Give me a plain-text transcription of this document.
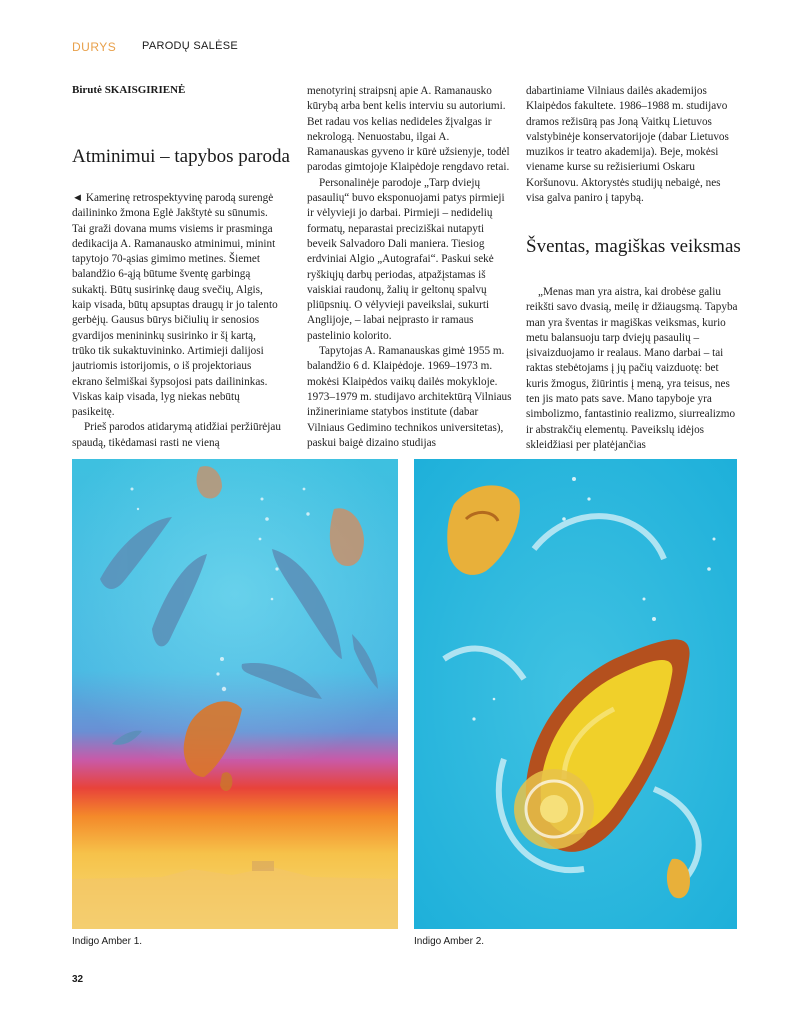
DURYS PARODŲ SALĖSE
Birutė SKAISGIRIENĖ
Atminimui – tapybos paroda

◄ Kamerinę retrospektyvinę parodą surengė dailininko žmona Eglė Jakštytė su sūnumis. Tai graži dovana mums visiems ir prasminga dedikacija A. Ramanausko atminimui, minint tapytojo 70-ąsias gimimo metines. Šiemet balandžio 6-ąją būtume šventę garbingą sukaktį. Būtų susirinkę daug svečių, Algis, kaip visada, būtų apsuptas draugų ir jo talento gerbėjų. Gausus būrys bičiulių ir senosios gvardijos menininkų susirinko ir šį kartą, trūko tik sukaktuvininko. Artimieji dalijosi jautriomis istorijomis, o iš projektoriaus ekrano šelmiškai šypsojosi pats dailininkas. Viskas kaip visada, lyg niekas nebūtų pasikeitę.

Prieš parodos atidarymą atidžiai peržiūrėjau spaudą, tikėdamasi rasti ne vieną

menotyrinį straipsnį apie A. Ramanausko kūrybą arba bent kelis interviu su autoriumi. Bet radau vos kelias nedideles žįvalgas ir nekrologą. Nenuostabu, ilgai A. Ramanauskas gyveno ir kūrė užsienyje, todėl parodas gimtojoje Klaipėdoje rengdavo retai.

Personalinėje parodoje „Tarp dviejų pasaulių“ buvo eksponuojami patys pirmieji ir vėlyvieji jo darbai. Pirmieji – nedidelių formatų, neparastai preciziškai nutapyti beveik Salvadoro Dali maniera. Tiesiog erdviniai Algio „Autografai“. Paskui sekė ryškiųjų darbų periodas, atpažįstamas iš vaiskiai raudonų, žalių ir geltonų spalvų pliūpsnių. O vėlyvieji paveikslai, sukurti Anglijoje, – labai neįprasto ir ramaus pastelinio kolorito.

Tapytojas A. Ramanauskas gimė 1955 m. balandžio 6 d. Klaipėdoje. 1969–1973 m. mokėsi Klaipėdos vaikų dailės mokykloje. 1973–1979 m. studijavo architektūrą Vilniaus inžineriniame statybos institute (dabar Vilniaus Gedimino technikos universitetas), paskui baigė dizaino studijas

dabartiniame Vilniaus dailės akademijos Klaipėdos fakultete. 1986–1988 m. studijavo dramos režisūrą pas Joną Vaitkų Lietuvos valstybinėje konservatorijoje (dabar Lietuvos muzikos ir teatro akademija). Beje, mokėsi viename kurse su režisieriumi Oskaru Koršunovu. Aktorystės studijų nebaigė, nes visa galva paniro į tapybą.

Šventas, magiškas veiksmas

„Menas man yra aistra, kai drobėse galiu reikšti savo dvasią, meilę ir džiaugsmą. Tapyba man yra šventas ir magiškas veiksmas, kurio metu balansuoju tarp dviejų pasaulių – įsivaizduojamo ir realaus. Mano darbai – tai raktas stebėtojams į jų pačių vaizduotę: bet kuris žmogus, žiūrintis į meną, yra teisus, nes ten jis mato pats save. Mano tapyboje yra simbolizmo, fantastinio realizmo, siurrealizmo ir abstrakčių elementų. Paveikslų idėjos skleidžiasi per platėjančias

Indigo Amber 1.	Indigo Amber 2.
32
